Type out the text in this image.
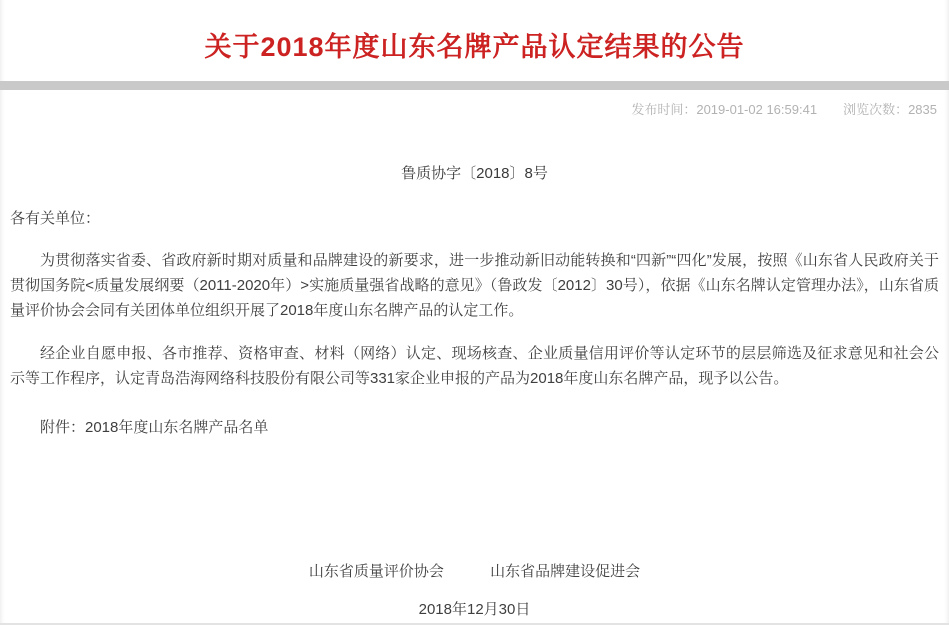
关于2018年度山东名牌产品认定结果的公告
发布时间：2019-01-02 16:59:41 浏览次数：2835
鲁质协字〔2018〕8号
各有关单位：

为贯彻落实省委、省政府新时期对质量和品牌建设的新要求，进一步推动新旧动能转换和“四新”“四化”发展，按照《山东省人民政府关于贯彻国务院<质量发展纲要（2011-2020年）>实施质量强省战略的意见》（鲁政发〔2012〕30号），依据《山东名牌认定管理办法》，山东省质量评价协会会同有关团体单位组织开展了2018年度山东名牌产品的认定工作。

经企业自愿申报、各市推荐、资格审查、材料（网络）认定、现场核查、企业质量信用评价等认定环节的层层筛选及征求意见和社会公示等工作程序，认定青岛浩海网络科技股份有限公司等331家企业申报的产品为2018年度山东名牌产品，现予以公告。

附件：2018年度山东名牌产品名单
山东省质量评价协会	山东省品牌建设促进会
2018年12月30日
